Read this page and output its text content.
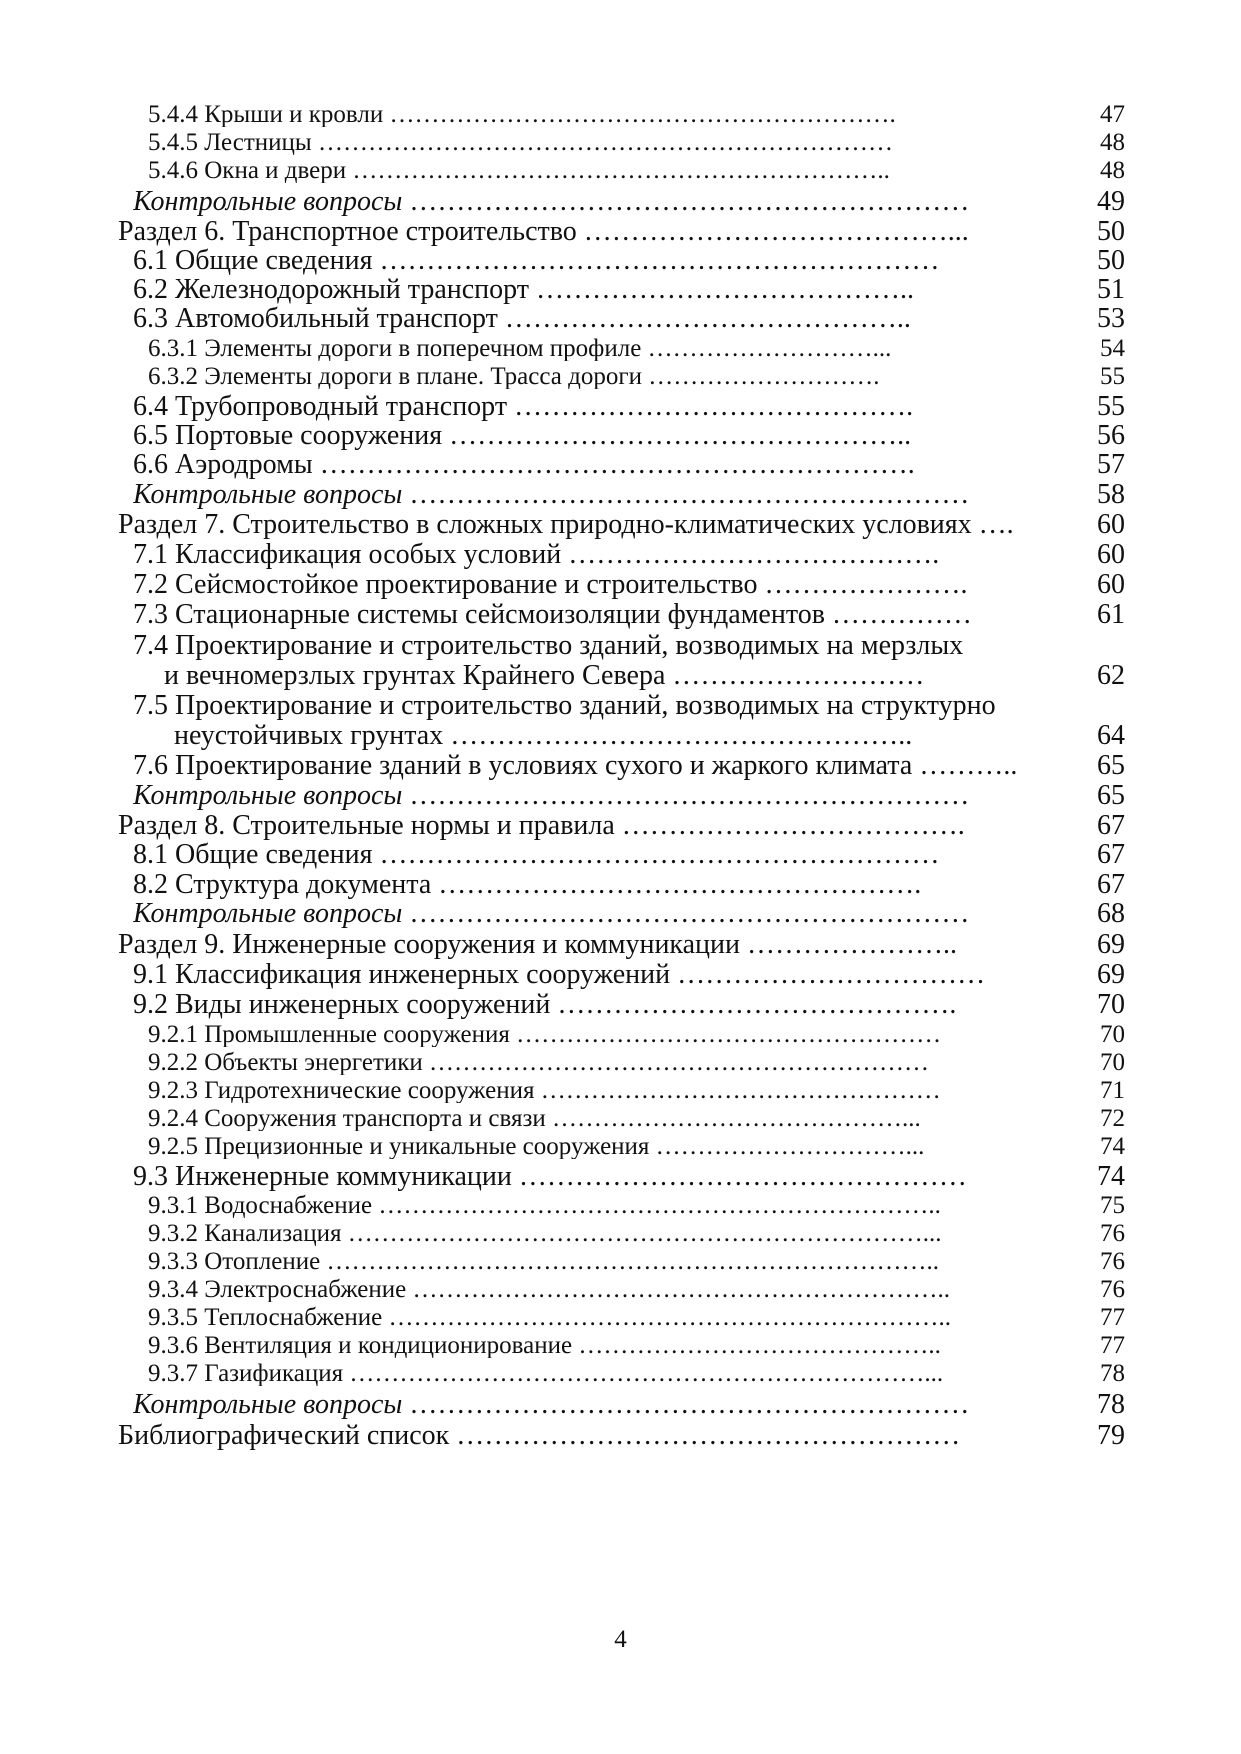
5.4.4 Крыши и кровли …………………………………………………….	47
5.4.5 Лестницы ……………………………………………………………	48
5.4.6 Окна и двери ………………………………………………………..	48
Контрольные вопросы ……………………………………………………	49
Раздел 6. Транспортное строительство …………………………………...	50
6.1 Общие сведения ……………………………………………………	50
6.2 Железнодорожный транспорт …………………………………..	51
6.3 Автомобильный транспорт ……………………………………..	53
6.3.1 Элементы дороги в поперечном профиле ………………………...	54
6.3.2 Элементы дороги в плане. Трасса дороги ……………………….	55
6.4 Трубопроводный транспорт …………………………………….	55
6.5 Портовые сооружения …………………………………………..	56
6.6 Аэродромы ……………………………………………………….	57
Контрольные вопросы ……………………………………………………	58
Раздел 7. Строительство в сложных природно-климатических условиях ….	60
7.1 Классификация особых условий ………………………………….	60
7.2 Сейсмостойкое проектирование и строительство ………………….	60
7.3 Стационарные системы сейсмоизоляции фундаментов ……………	61
7.4 Проектирование и строительство зданий, возводимых на мерзлых
и вечномерзлых грунтах Крайнего Севера ………………………	62
7.5 Проектирование и строительство зданий, возводимых на структурно
неустойчивых грунтах …………………………………………..	64
7.6 Проектирование зданий в условиях сухого и жаркого климата ………..	65
Контрольные вопросы ……………………………………………………	65
Раздел 8. Строительные нормы и правила ……………………………….	67
8.1 Общие сведения ……………………………………………………	67
8.2 Структура документа …………………………………………….	67
Контрольные вопросы ……………………………………………………	68
Раздел 9. Инженерные сооружения и коммуникации …………………..	69
9.1 Классификация инженерных сооружений ……………………………	69
9.2 Виды инженерных сооружений …………………………………….	70
9.2.1 Промышленные сооружения ……………………………………………	70
9.2.2 Объекты энергетики ……………………………………………………	70
9.2.3 Гидротехнические сооружения …………………………………………	71
9.2.4 Сооружения транспорта и связи ……………………………………...	72
9.2.5 Прецизионные и уникальные сооружения …………………………...	74
9.3 Инженерные коммуникации …………………………………………	74
9.3.1 Водоснабжение …………………………………………………………..	75
9.3.2 Канализация ……………………………………………………………...	76
9.3.3 Отопление ………………………………………………………………..	76
9.3.4 Электроснабжение ………………………………………………………..	76
9.3.5 Теплоснабжение …………………………………………………………..	77
9.3.6 Вентиляция и кондиционирование ……………………………………..	77
9.3.7 Газификация ……………………………………………………………...	78
Контрольные вопросы ……………………………………………………	78
Библиографический список ………………………………………………	79
4
